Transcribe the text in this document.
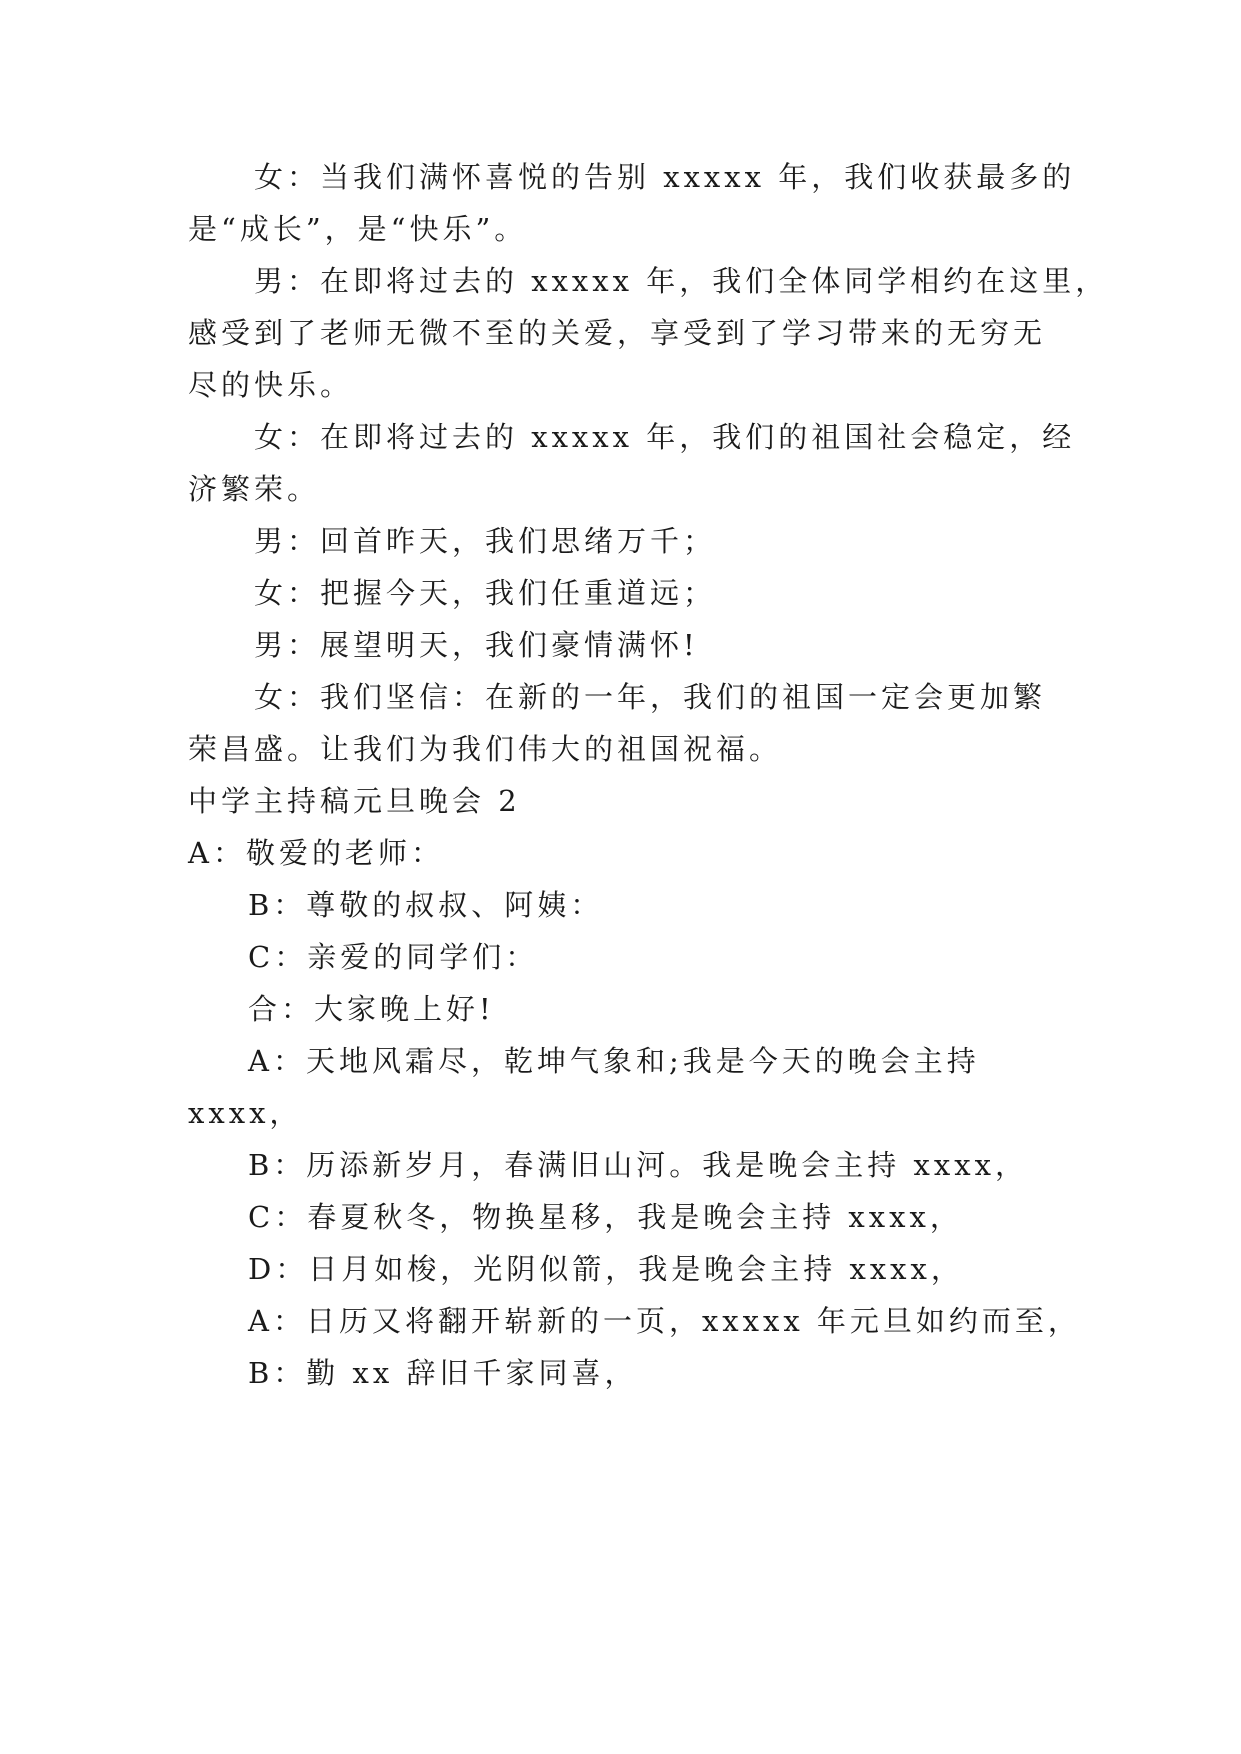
女：当我们满怀喜悦的告别 xxxxx 年，我们收获最多的
是“成长”，是“快乐”。
男：在即将过去的 xxxxx 年，我们全体同学相约在这里，
感受到了老师无微不至的关爱，享受到了学习带来的无穷无
尽的快乐。
女：在即将过去的 xxxxx 年，我们的祖国社会稳定，经
济繁荣。
男：回首昨天，我们思绪万千；
女：把握今天，我们任重道远；
男：展望明天，我们豪情满怀!
女：我们坚信：在新的一年，我们的祖国一定会更加繁
荣昌盛。让我们为我们伟大的祖国祝福。
中学主持稿元旦晚会 2
A：敬爱的老师：
B：尊敬的叔叔、阿姨：
C：亲爱的同学们：
合：大家晚上好!
A：天地风霜尽，乾坤气象和;我是今天的晚会主持
xxxx，
B：历添新岁月，春满旧山河。我是晚会主持 xxxx，
C：春夏秋冬，物换星移，我是晚会主持 xxxx，
D：日月如梭，光阴似箭，我是晚会主持 xxxx，
A：日历又将翻开崭新的一页，xxxxx 年元旦如约而至，
B：勤 xx 辞旧千家同喜，
